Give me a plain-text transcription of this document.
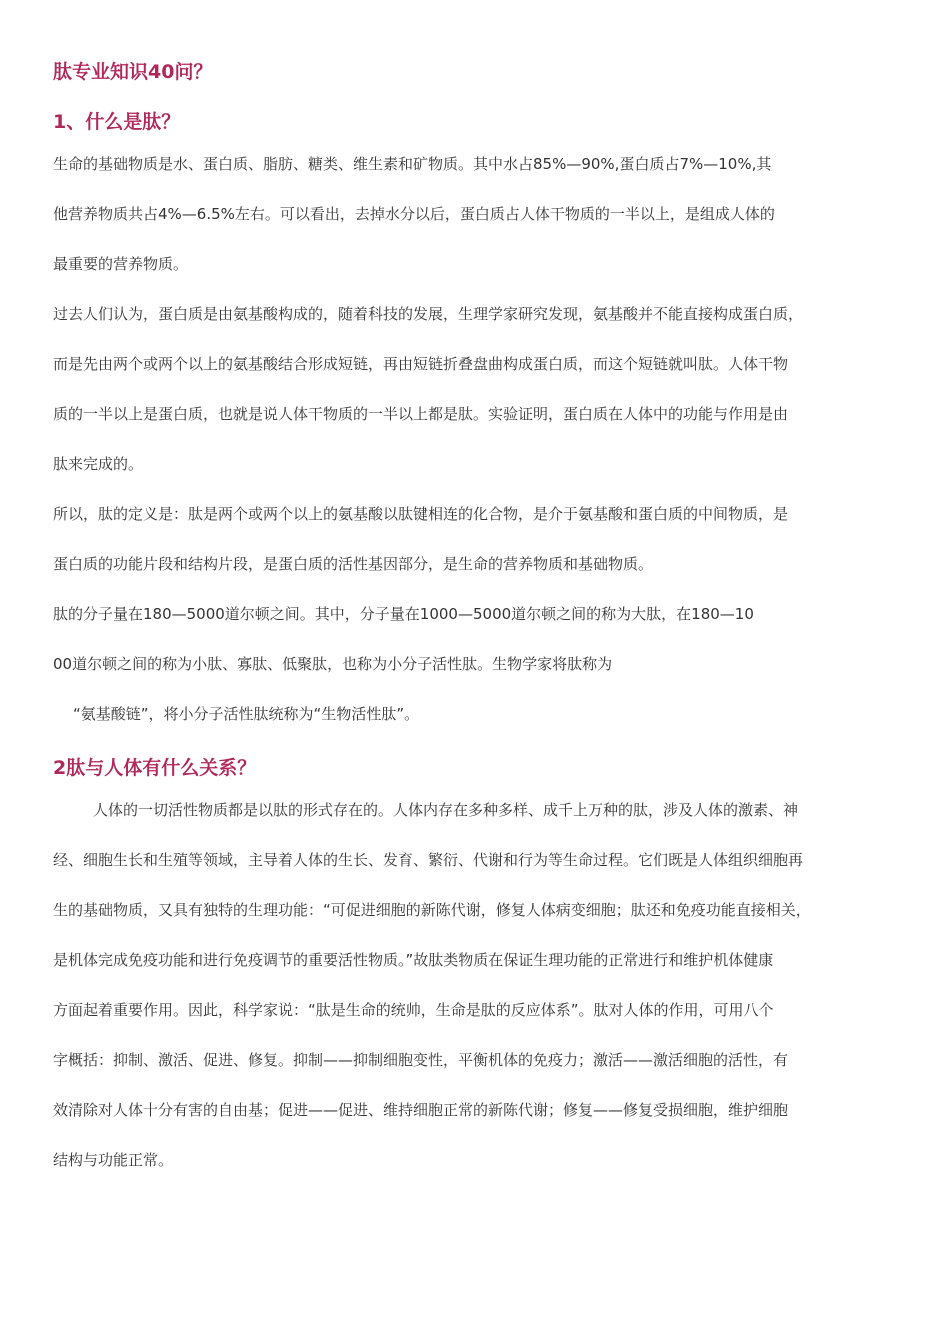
肽专业知识40问？
1、什么是肽？

生命的基础物质是水、蛋白质、脂肪、糖类、维生素和矿物质。其中水占85%—90%,蛋白质占7%—10%,其
他营养物质共占4%—6.5%左右。可以看出，去掉水分以后，蛋白质占人体干物质的一半以上，是组成人体的
最重要的营养物质。

过去人们认为，蛋白质是由氨基酸构成的，随着科技的发展，生理学家研究发现，氨基酸并不能直接构成蛋白质，
而是先由两个或两个以上的氨基酸结合形成短链，再由短链折叠盘曲构成蛋白质，而这个短链就叫肽。人体干物
质的一半以上是蛋白质，也就是说人体干物质的一半以上都是肽。实验证明，蛋白质在人体中的功能与作用是由
肽来完成的。

所以，肽的定义是：肽是两个或两个以上的氨基酸以肽键相连的化合物，是介于氨基酸和蛋白质的中间物质，是
蛋白质的功能片段和结构片段，是蛋白质的活性基因部分，是生命的营养物质和基础物质。

肽的分子量在180—5000道尔顿之间。其中，分子量在1000—5000道尔顿之间的称为大肽，在180—10
00道尔顿之间的称为小肽、寡肽、低聚肽，也称为小分子活性肽。生物学家将肽称为

“氨基酸链”，将小分子活性肽统称为“生物活性肽”。

2肽与人体有什么关系？

人体的一切活性物质都是以肽的形式存在的。人体内存在多种多样、成千上万种的肽，涉及人体的激素、神
经、细胞生长和生殖等领域，主导着人体的生长、发育、繁衍、代谢和行为等生命过程。它们既是人体组织细胞再
生的基础物质，又具有独特的生理功能：“可促进细胞的新陈代谢，修复人体病变细胞；肽还和免疫功能直接相关，
是机体完成免疫功能和进行免疫调节的重要活性物质。”故肽类物质在保证生理功能的正常进行和维护机体健康
方面起着重要作用。因此，科学家说：“肽是生命的统帅，生命是肽的反应体系”。肽对人体的作用，可用八个
字概括：抑制、激活、促进、修复。抑制——抑制细胞变性，平衡机体的免疫力；激活——激活细胞的活性，有
效清除对人体十分有害的自由基；促进——促进、维持细胞正常的新陈代谢；修复——修复受损细胞，维护细胞
结构与功能正常。
